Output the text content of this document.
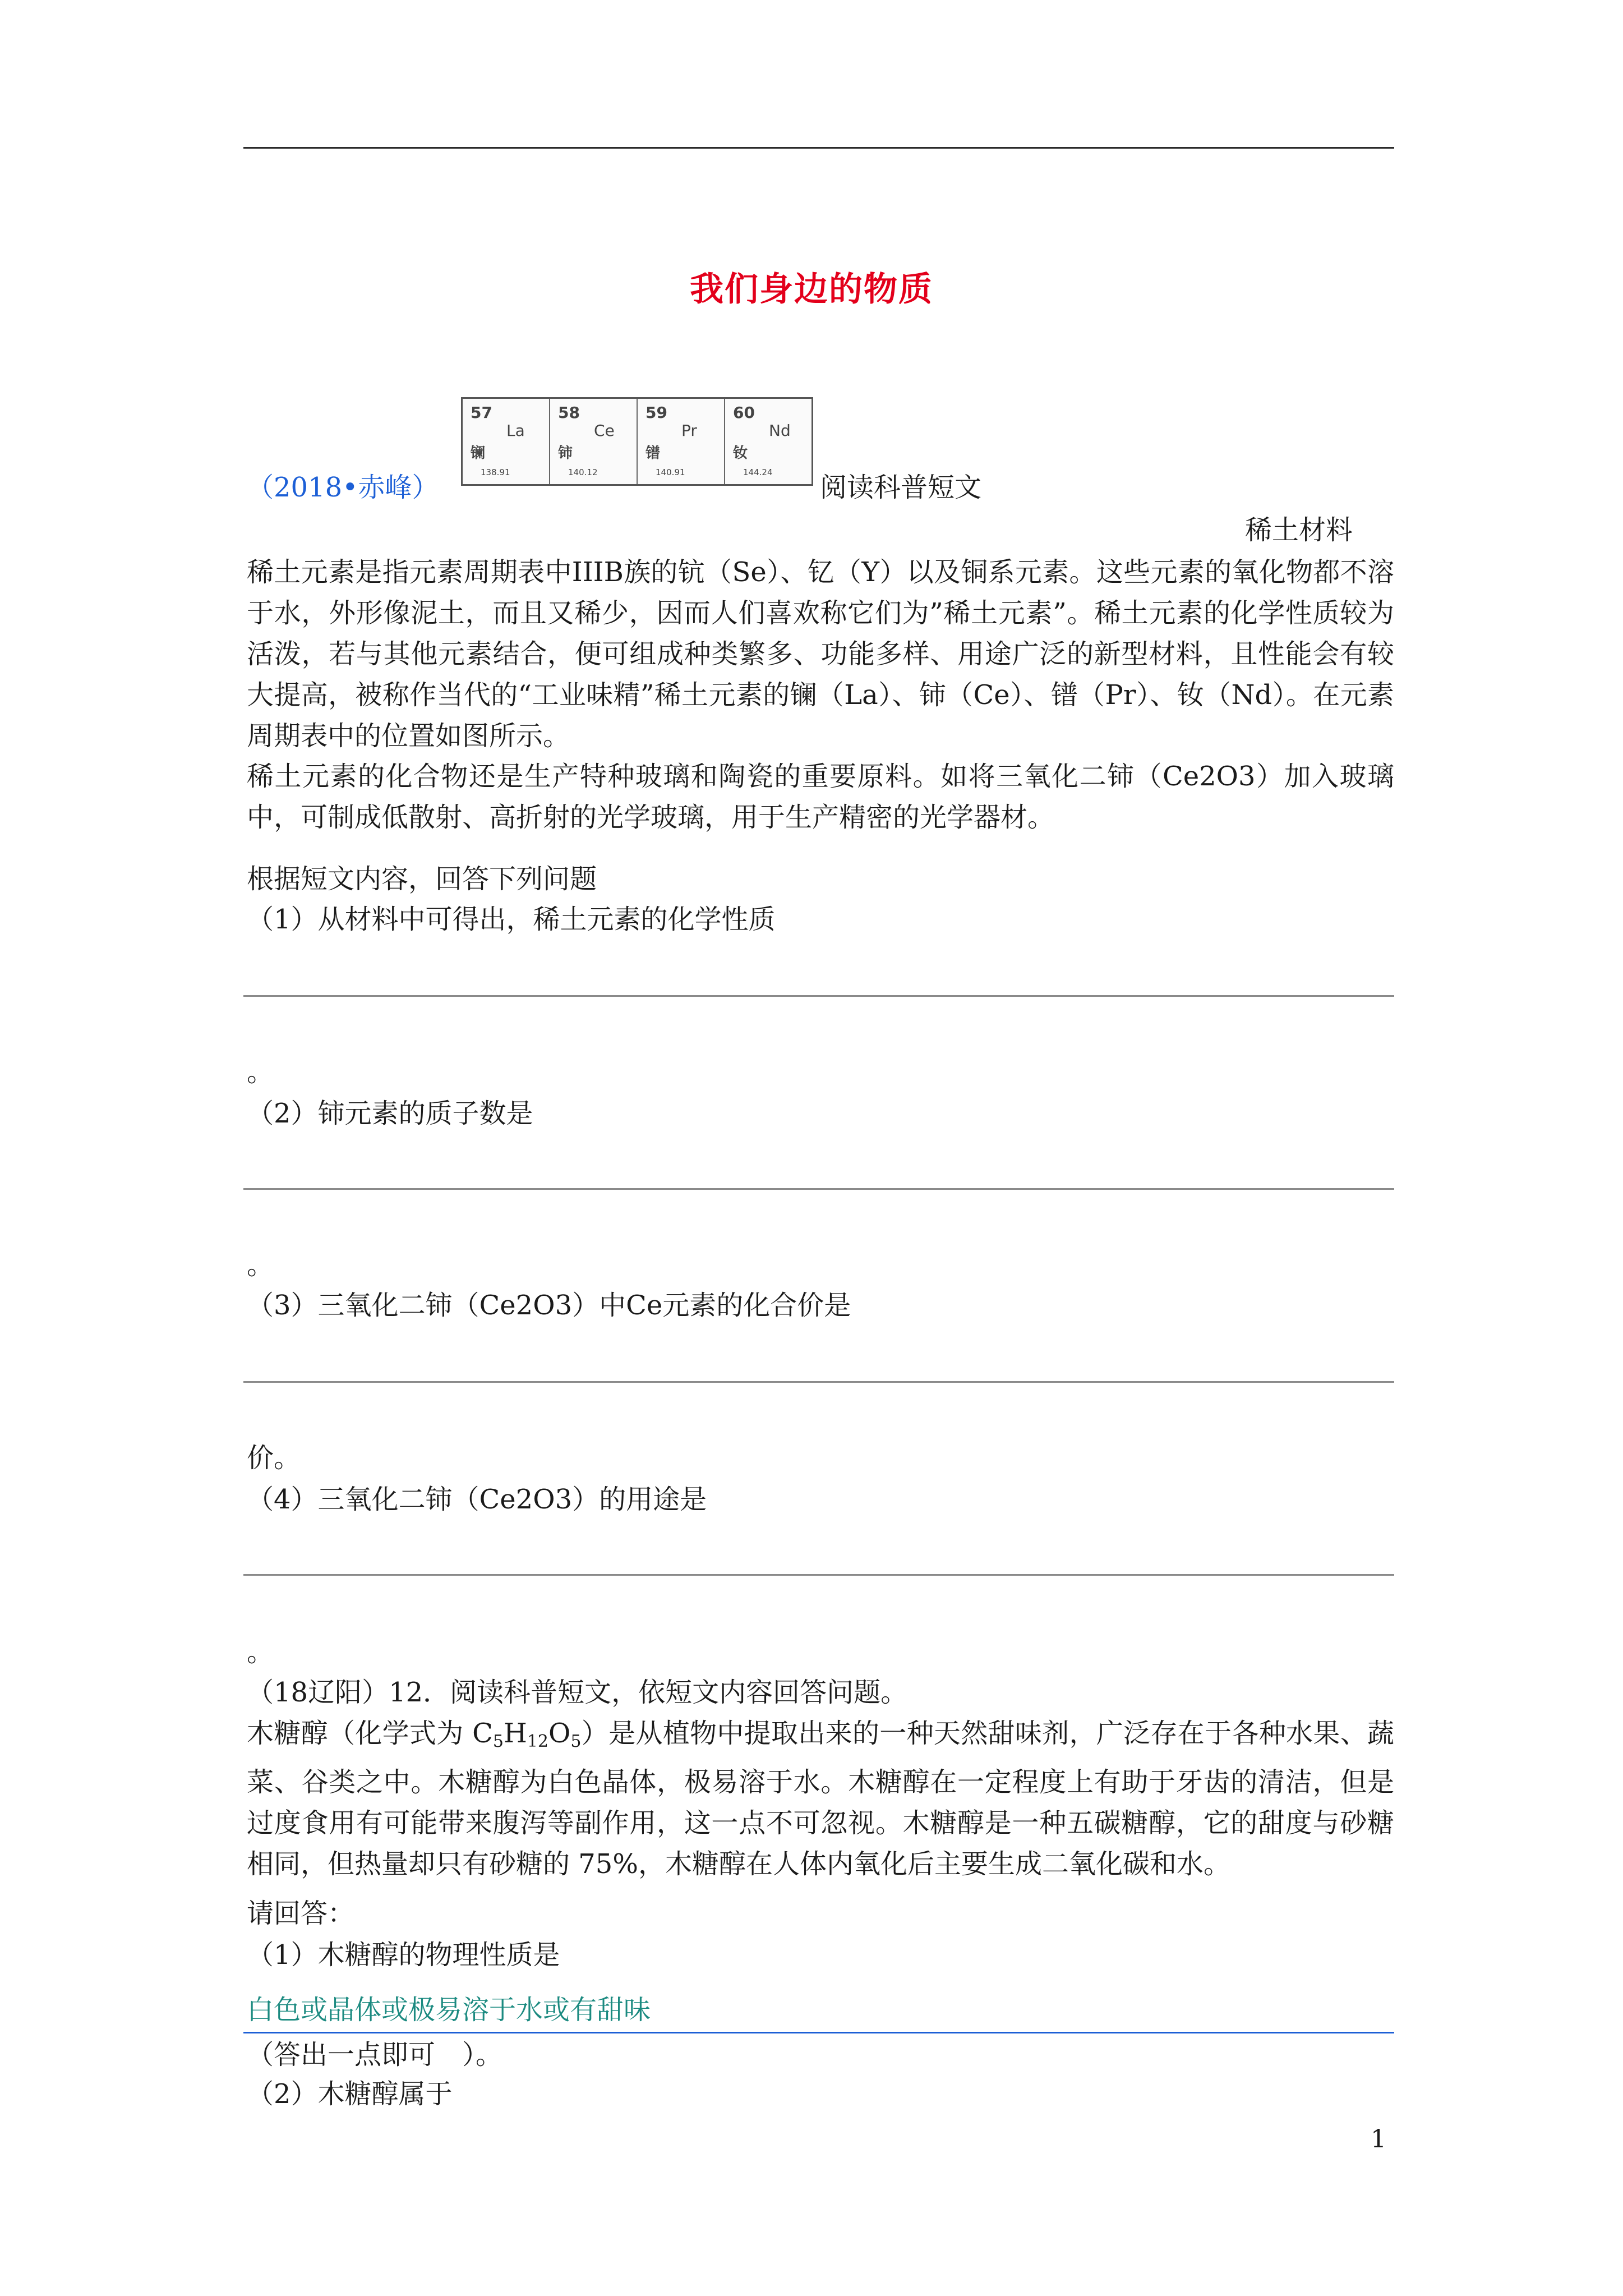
我们身边的物质
（2018•赤峰）
57
La
镧
138.91
58
Ce
铈
140.12
59
Pr
镨
140.91
60
Nd
钕
144.24 阅读科普短文
稀土材料
稀土元素是指元素周期表中IIIB族的钪（Se）、钇（Y）以及铜系元素。这些元素的氧化物都不溶于水，外形像泥土，而且又稀少，因而人们喜欢称它们为”稀土元素”。稀土元素的化学性质较为活泼，若与其他元素结合，便可组成种类繁多、功能多样、用途广泛的新型材料，且性能会有较大提高，被称作当代的“工业味精”稀土元素的镧（La）、铈（Ce）、镨（Pr）、钕（Nd）。在元素周期表中的位置如图所示。
稀土元素的化合物还是生产特种玻璃和陶瓷的重要原料。如将三氧化二铈（Ce2O3）加入玻璃中，可制成低散射、高折射的光学玻璃，用于生产精密的光学器材。
根据短文内容，回答下列问题
（1）从材料中可得出，稀土元素的化学性质
。
（2）铈元素的质子数是
。
（3）三氧化二铈（Ce2O3）中Ce元素的化合价是
价。
（4）三氧化二铈（Ce2O3）的用途是
。
（18辽阳）12．阅读科普短文，依短文内容回答问题。
木糖醇（化学式为 $C_5H_{12}O_5$）是从植物中提取出来的一种天然甜味剂，广泛存在于各种水果、蔬菜、谷类之中。木糖醇为白色晶体，极易溶于水。木糖醇在一定程度上有助于牙齿的清洁，但是过度食用有可能带来腹泻等副作用，这一点不可忽视。木糖醇是一种五碳糖醇，它的甜度与砂糖相同，但热量却只有砂糖的 75%，木糖醇在人体内氧化后主要生成二氧化碳和水。
请回答：
（1）木糖醇的物理性质是
白色或晶体或极易溶于水或有甜味
（答出一点即可　）。
（2）木糖醇属于
1
